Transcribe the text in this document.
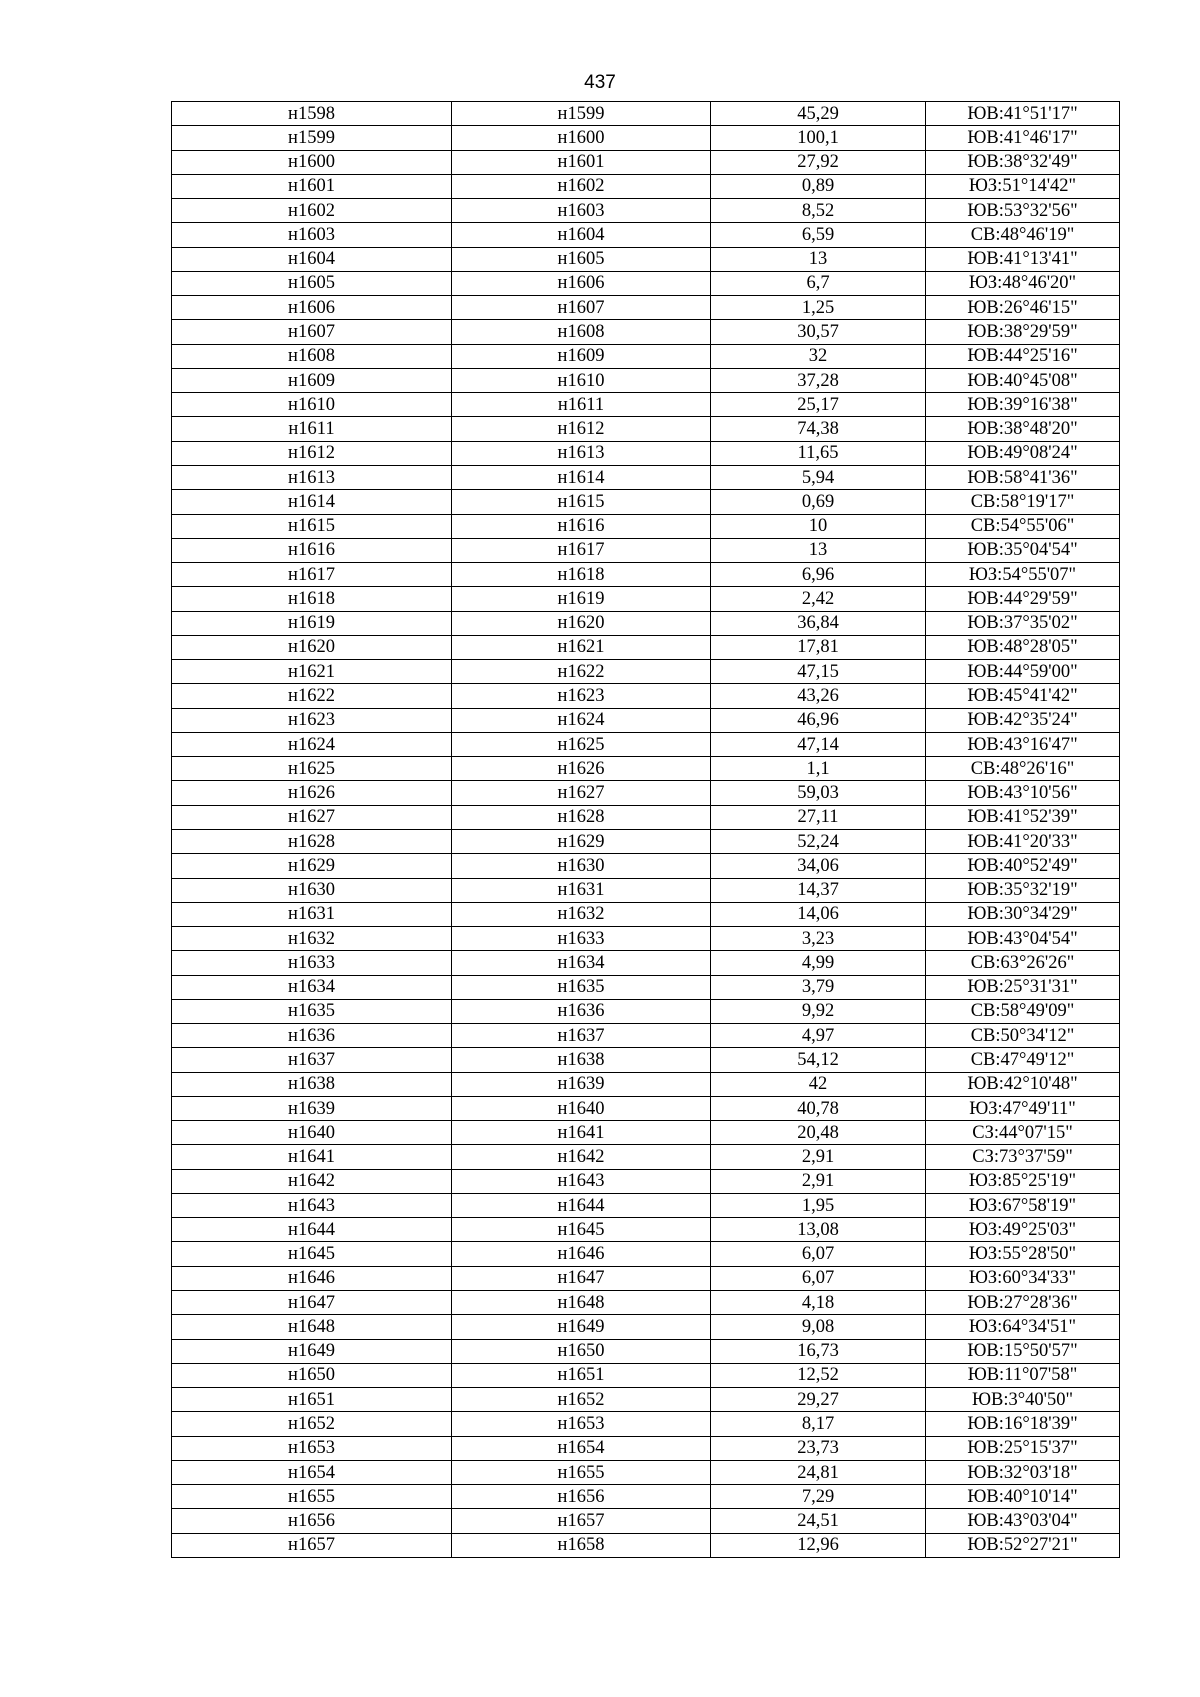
437
н1598	н1599	45,29	ЮВ:41°51'17"
н1599	н1600	100,1	ЮВ:41°46'17"
н1600	н1601	27,92	ЮВ:38°32'49"
н1601	н1602	0,89	ЮЗ:51°14'42"
н1602	н1603	8,52	ЮВ:53°32'56"
н1603	н1604	6,59	СВ:48°46'19"
н1604	н1605	13	ЮВ:41°13'41"
н1605	н1606	6,7	ЮЗ:48°46'20"
н1606	н1607	1,25	ЮВ:26°46'15"
н1607	н1608	30,57	ЮВ:38°29'59"
н1608	н1609	32	ЮВ:44°25'16"
н1609	н1610	37,28	ЮВ:40°45'08"
н1610	н1611	25,17	ЮВ:39°16'38"
н1611	н1612	74,38	ЮВ:38°48'20"
н1612	н1613	11,65	ЮВ:49°08'24"
н1613	н1614	5,94	ЮВ:58°41'36"
н1614	н1615	0,69	СВ:58°19'17"
н1615	н1616	10	СВ:54°55'06"
н1616	н1617	13	ЮВ:35°04'54"
н1617	н1618	6,96	ЮЗ:54°55'07"
н1618	н1619	2,42	ЮВ:44°29'59"
н1619	н1620	36,84	ЮВ:37°35'02"
н1620	н1621	17,81	ЮВ:48°28'05"
н1621	н1622	47,15	ЮВ:44°59'00"
н1622	н1623	43,26	ЮВ:45°41'42"
н1623	н1624	46,96	ЮВ:42°35'24"
н1624	н1625	47,14	ЮВ:43°16'47"
н1625	н1626	1,1	СВ:48°26'16"
н1626	н1627	59,03	ЮВ:43°10'56"
н1627	н1628	27,11	ЮВ:41°52'39"
н1628	н1629	52,24	ЮВ:41°20'33"
н1629	н1630	34,06	ЮВ:40°52'49"
н1630	н1631	14,37	ЮВ:35°32'19"
н1631	н1632	14,06	ЮВ:30°34'29"
н1632	н1633	3,23	ЮВ:43°04'54"
н1633	н1634	4,99	СВ:63°26'26"
н1634	н1635	3,79	ЮВ:25°31'31"
н1635	н1636	9,92	СВ:58°49'09"
н1636	н1637	4,97	СВ:50°34'12"
н1637	н1638	54,12	СВ:47°49'12"
н1638	н1639	42	ЮВ:42°10'48"
н1639	н1640	40,78	ЮЗ:47°49'11"
н1640	н1641	20,48	СЗ:44°07'15"
н1641	н1642	2,91	СЗ:73°37'59"
н1642	н1643	2,91	ЮЗ:85°25'19"
н1643	н1644	1,95	ЮЗ:67°58'19"
н1644	н1645	13,08	ЮЗ:49°25'03"
н1645	н1646	6,07	ЮЗ:55°28'50"
н1646	н1647	6,07	ЮЗ:60°34'33"
н1647	н1648	4,18	ЮВ:27°28'36"
н1648	н1649	9,08	ЮЗ:64°34'51"
н1649	н1650	16,73	ЮВ:15°50'57"
н1650	н1651	12,52	ЮВ:11°07'58"
н1651	н1652	29,27	ЮВ:3°40'50"
н1652	н1653	8,17	ЮВ:16°18'39"
н1653	н1654	23,73	ЮВ:25°15'37"
н1654	н1655	24,81	ЮВ:32°03'18"
н1655	н1656	7,29	ЮВ:40°10'14"
н1656	н1657	24,51	ЮВ:43°03'04"
н1657	н1658	12,96	ЮВ:52°27'21"
